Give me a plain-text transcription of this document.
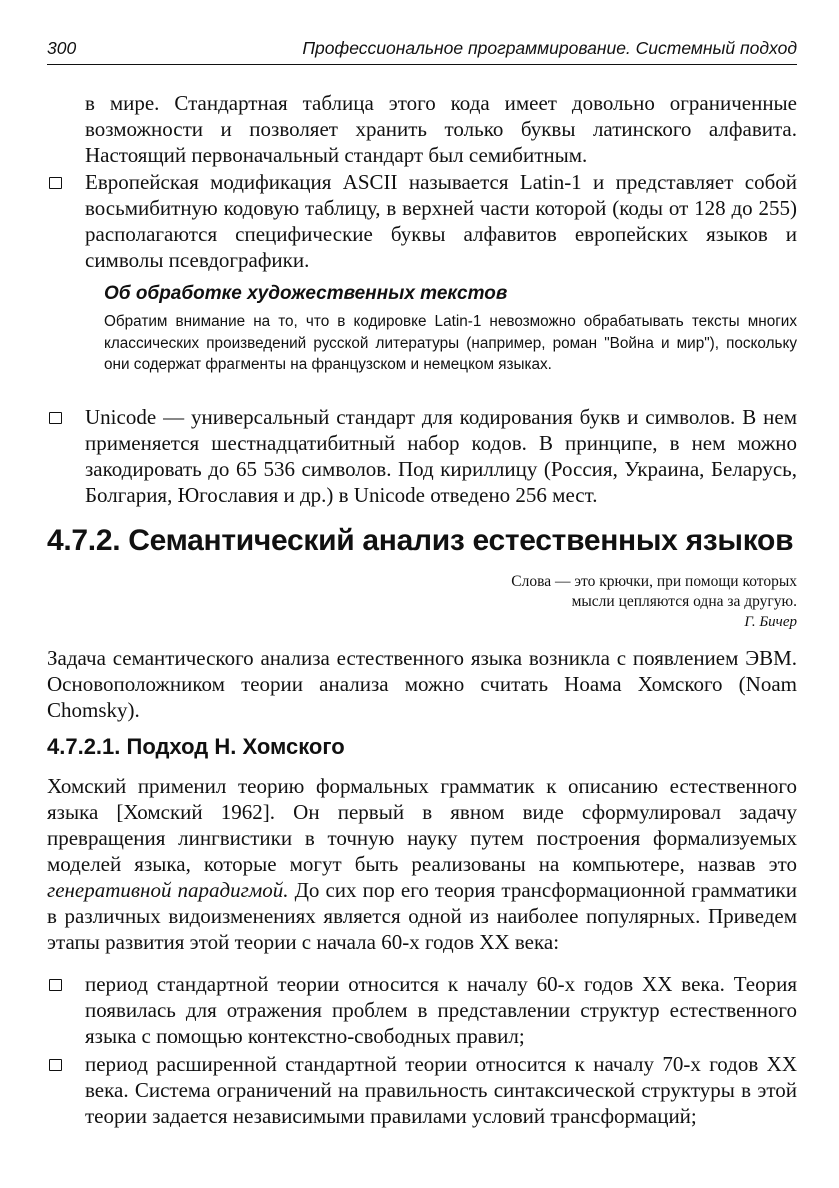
300	Профессиональное программирование. Системный подход

в мире. Стандартная таблица этого кода имеет довольно ограниченные возможности и позволяет хранить только буквы латинского алфавита. Настоящий первоначальный стандарт был семибитным.

Европейская модификация ASCII называется Latin-1 и представляет собой восьмибитную кодовую таблицу, в верхней части которой (коды от 128 до 255) располагаются специфические буквы алфавитов европейских языков и символы псевдографики.

Об обработке художественных текстов

Обратим внимание на то, что в кодировке Latin-1 невозможно обрабатывать тексты многих классических произведений русской литературы (например, роман "Война и мир"), поскольку они содержат фрагменты на французском и немецком языках.

Unicode — универсальный стандарт для кодирования букв и символов. В нем применяется шестнадцатибитный набор кодов. В принципе, в нем можно закодировать до 65 536 символов. Под кириллицу (Россия, Украина, Беларусь, Болгария, Югославия и др.) в Unicode отведено 256 мест.
4.7.2. Семантический анализ естественных языков
Слова — это крючки, при помощи которых
мысли цепляются одна за другую.
Г. Бичер

Задача семантического анализа естественного языка возникла с появлением ЭВМ. Основоположником теории анализа можно считать Ноама Хомского (Noam Chomsky).

4.7.2.1. Подход Н. Хомского

Хомский применил теорию формальных грамматик к описанию естественного языка [Хомский 1962]. Он первый в явном виде сформулировал задачу превращения лингвистики в точную науку путем построения формализуемых моделей языка, которые могут быть реализованы на компьютере, назвав это генеративной парадигмой. До сих пор его теория трансформационной грамматики в различных видоизменениях является одной из наиболее популярных. Приведем этапы развития этой теории с начала 60-х годов XX века:

период стандартной теории относится к началу 60-х годов XX века. Теория появилась для отражения проблем в представлении структур естественного языка с помощью контекстно-свободных правил;
период расширенной стандартной теории относится к началу 70-х годов XX века. Система ограничений на правильность синтаксической структуры в этой теории задается независимыми правилами условий трансформаций;
